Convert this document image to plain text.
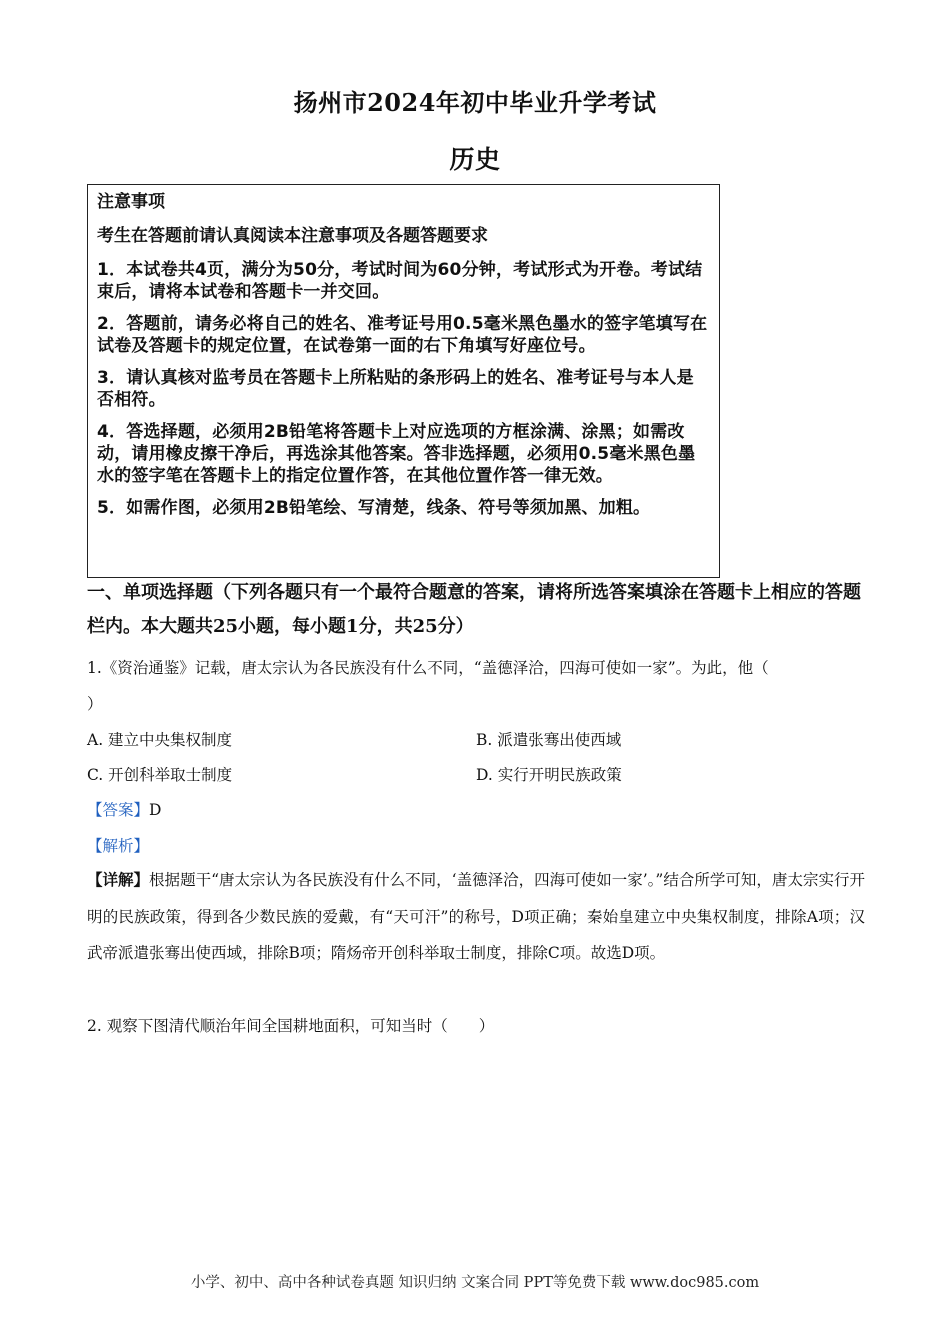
扬州市2024年初中毕业升学考试
历史
注意事项
考生在答题前请认真阅读本注意事项及各题答题要求
1．本试卷共4页，满分为50分，考试时间为60分钟，考试形式为开卷。考试结束后，请将本试卷和答题卡一并交回。
2．答题前，请务必将自己的姓名、准考证号用0.5毫米黑色墨水的签字笔填写在试卷及答题卡的规定位置，在试卷第一面的右下角填写好座位号。
3．请认真核对监考员在答题卡上所粘贴的条形码上的姓名、准考证号与本人是否相符。
4．答选择题，必须用2B铅笔将答题卡上对应选项的方框涂满、涂黑；如需改动，请用橡皮擦干净后，再选涂其他答案。答非选择题，必须用0.5毫米黑色墨水的签字笔在答题卡上的指定位置作答，在其他位置作答一律无效。
5．如需作图，必须用2B铅笔绘、写清楚，线条、符号等须加黑、加粗。
一、单项选择题（下列各题只有一个最符合题意的答案，请将所选答案填涂在答题卡上相应的答题栏内。本大题共25小题，每小题1分，共25分）
1.《资治通鉴》记载，唐太宗认为各民族没有什么不同，“盖德泽洽，四海可使如一家”。为此，他（
）
A. 建立中央集权制度	B. 派遣张骞出使西域
C. 开创科举取士制度	D. 实行开明民族政策
【答案】D
【解析】
【详解】根据题干“唐太宗认为各民族没有什么不同，‘盖德泽洽，四海可使如一家’。”结合所学可知，唐太宗实行开明的民族政策，得到各少数民族的爱戴，有“天可汗”的称号，D项正确；秦始皇建立中央集权制度，排除A项；汉武帝派遣张骞出使西域，排除B项；隋炀帝开创科举取士制度，排除C项。故选D项。
2. 观察下图清代顺治年间全国耕地面积，可知当时（　　）
小学、初中、高中各种试卷真题 知识归纳 文案合同 PPT等免费下载 www.doc985.com
